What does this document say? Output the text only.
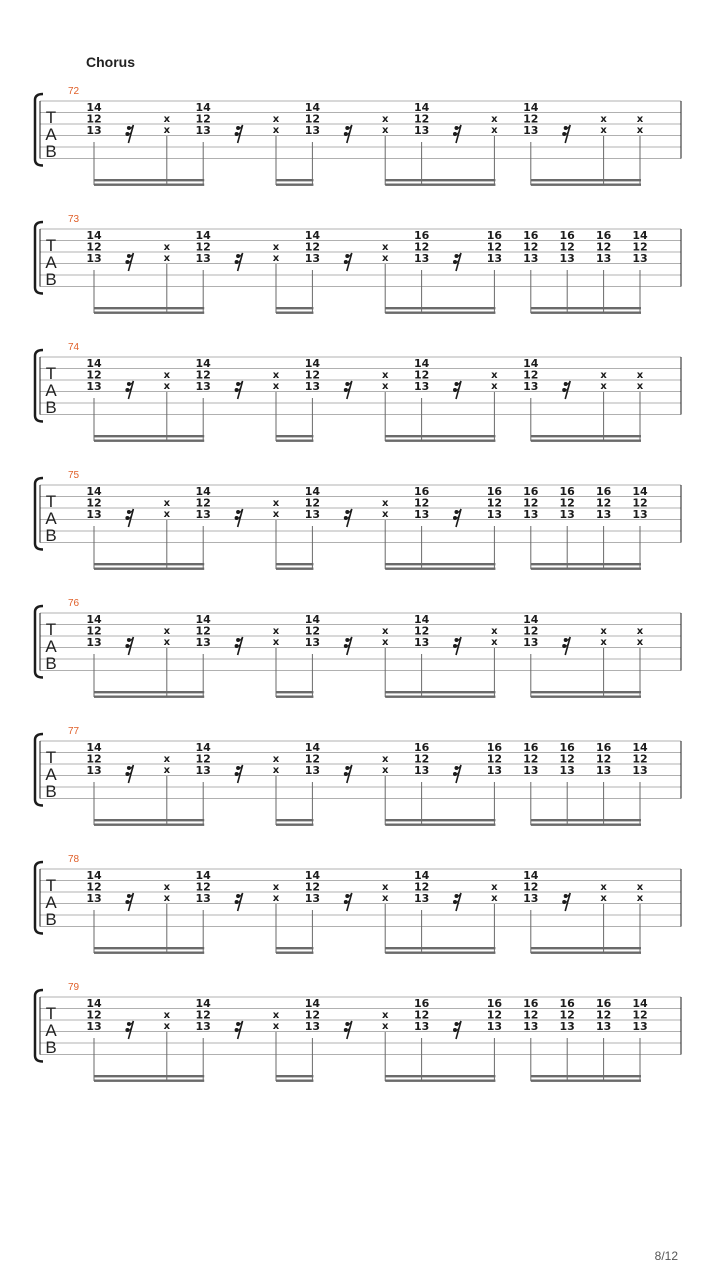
Chorus
T
A
B
72
14
12
13
x
x
14
12
13
x
x
14
12
13
x
x
14
12
13
x
x
14
12
13
x
x
x
x
T
A
B
73
14
12
13
x
x
14
12
13
x
x
14
12
13
x
x
16
12
13
16
12
13
16
12
13
16
12
13
16
12
13
14
12
13
T
A
B
74
14
12
13
x
x
14
12
13
x
x
14
12
13
x
x
14
12
13
x
x
14
12
13
x
x
x
x
T
A
B
75
14
12
13
x
x
14
12
13
x
x
14
12
13
x
x
16
12
13
16
12
13
16
12
13
16
12
13
16
12
13
14
12
13
T
A
B
76
14
12
13
x
x
14
12
13
x
x
14
12
13
x
x
14
12
13
x
x
14
12
13
x
x
x
x
T
A
B
77
14
12
13
x
x
14
12
13
x
x
14
12
13
x
x
16
12
13
16
12
13
16
12
13
16
12
13
16
12
13
14
12
13
T
A
B
78
14
12
13
x
x
14
12
13
x
x
14
12
13
x
x
14
12
13
x
x
14
12
13
x
x
x
x
T
A
B
79
14
12
13
x
x
14
12
13
x
x
14
12
13
x
x
16
12
13
16
12
13
16
12
13
16
12
13
16
12
13
14
12
13
8/12
